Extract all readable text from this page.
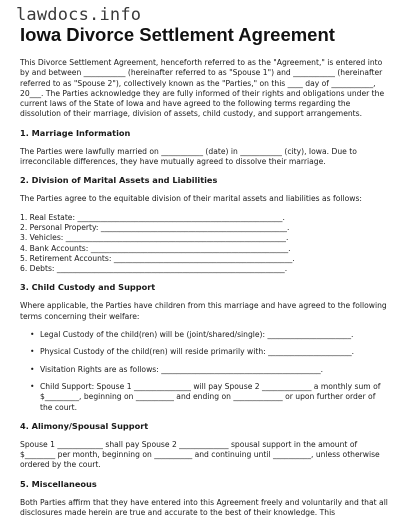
lawdocs.info
Iowa Divorce Settlement Agreement

This Divorce Settlement Agreement, henceforth referred to as the "Agreement," is entered into by and between ___________ (hereinafter referred to as "Spouse 1") and ___________ (hereinafter referred to as "Spouse 2"), collectively known as the "Parties," on this ____ day of ___________, 20___. The Parties acknowledge they are fully informed of their rights and obligations under the current laws of the State of Iowa and have agreed to the following terms regarding the dissolution of their marriage, division of assets, child custody, and support arrangements.

1. Marriage Information

The Parties were lawfully married on ___________ (date) in ___________ (city), Iowa. Due to irreconcilable differences, they have mutually agreed to dissolve their marriage.

2. Division of Marital Assets and Liabilities

The Parties agree to the equitable division of their marital assets and liabilities as follows:

1. Real Estate: ______________________________________________________.
2. Personal Property: _________________________________________________.
3. Vehicles: __________________________________________________________.
4. Bank Accounts: ____________________________________________________.
5. Retirement Accounts: _______________________________________________.
6. Debts: ____________________________________________________________.
3. Child Custody and Support

Where applicable, the Parties have children from this marriage and have agreed to the following terms concerning their welfare:

• Legal Custody of the child(ren) will be (joint/shared/single): ______________________.
• Physical Custody of the child(ren) will reside primarily with: ______________________.
• Visitation Rights are as follows: __________________________________________.
• Child Support: Spouse 1 _______________ will pay Spouse 2 _____________ a monthly sum of $_________, beginning on __________ and ending on _____________ or upon further order of the court.
4. Alimony/Spousal Support

Spouse 1 ____________ shall pay Spouse 2 _____________ spousal support in the amount of $________ per month, beginning on __________ and continuing until __________, unless otherwise ordered by the court.

5. Miscellaneous

Both Parties affirm that they have entered into this Agreement freely and voluntarily and that all disclosures made herein are true and accurate to the best of their knowledge. This
